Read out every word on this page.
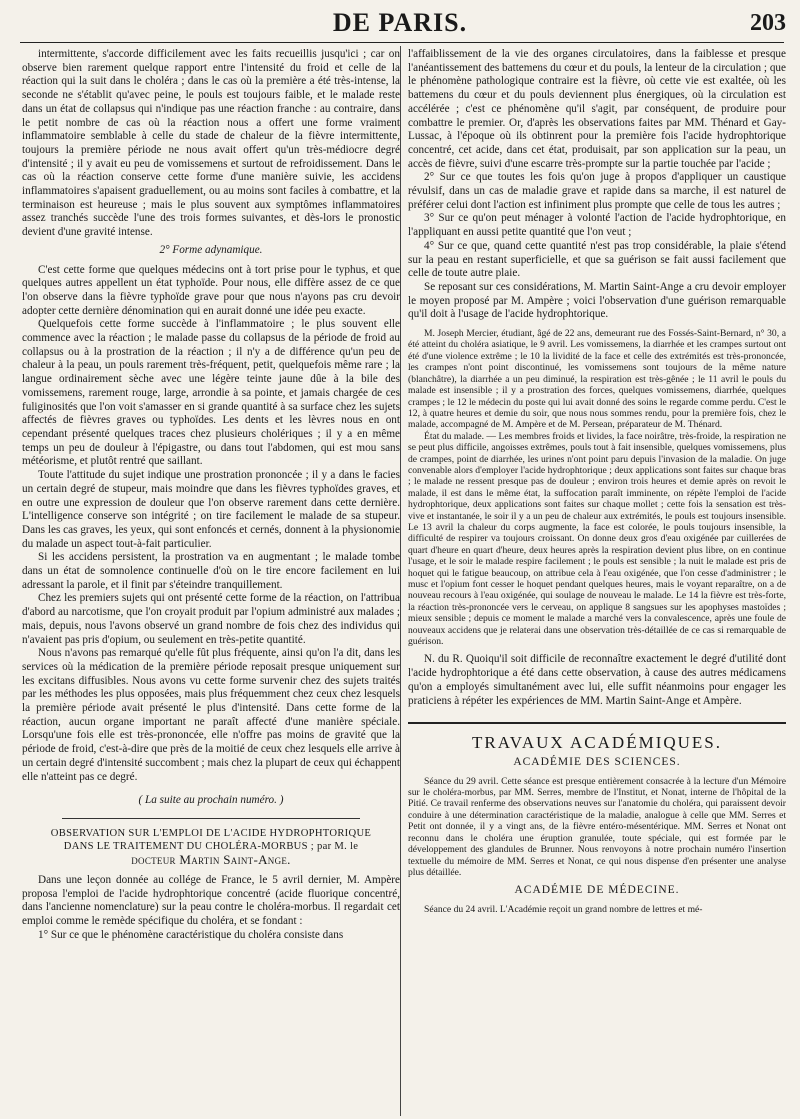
DE PARIS.	203

intermittente, s'accorde difficilement avec les faits recueillis jusqu'ici ; car on observe bien rarement quelque rapport entre l'intensité du froid et celle de la réaction qui la suit dans le choléra ; dans le cas où la première a été très-intense, la seconde ne s'établit qu'avec peine, le pouls est toujours faible, et le malade reste dans un état de collapsus qui n'indique pas une réaction franche : au contraire, dans le petit nombre de cas où la réaction nous a offert une forme vraiment inflammatoire semblable à celle du stade de chaleur de la fièvre intermittente, toujours la première période ne nous avait offert qu'un très-médiocre degré d'intensité ; il y avait eu peu de vomissemens et surtout de refroidissement. Dans le cas où la réaction conserve cette forme d'une manière suivie, les accidens inflammatoires s'apaisent graduellement, ou au moins sont faciles à combattre, et la terminaison est heureuse ; mais le plus souvent aux symptômes inflammatoires assez tranchés succède l'une des trois formes suivantes, et dès-lors le pronostic devient d'une gravité intense.

2° Forme adynamique.

C'est cette forme que quelques médecins ont à tort prise pour le typhus, et que quelques autres appellent un état typhoïde. Pour nous, elle diffère assez de ce que l'on observe dans la fièvre typhoïde grave pour que nous n'ayons pas cru devoir adopter cette dernière dénomination qui en aurait donné une idée peu exacte.

Quelquefois cette forme succède à l'inflammatoire ; le plus souvent elle commence avec la réaction ; le malade passe du collapsus de la période de froid au collapsus ou à la prostration de la réaction ; il n'y a de différence qu'un peu de chaleur à la peau, un pouls rarement très-fréquent, petit, quelquefois même rare ; la langue ordinairement sèche avec une légère teinte jaune dûe à la bile des vomissemens, rarement rouge, large, arrondie à sa pointe, et jamais chargée de ces fuliginosités que l'on voit s'amasser en si grande quantité à sa surface chez les sujets affectés de fièvres graves ou typhoïdes. Les dents et les lèvres nous en ont cependant présenté quelques traces chez plusieurs cholériques ; il y a en même temps un peu de douleur à l'épigastre, ou dans tout l'abdomen, qui est mou sans météorisme, et plutôt rentré que saillant.

Toute l'attitude du sujet indique une prostration prononcée ; il y a dans le facies un certain degré de stupeur, mais moindre que dans les fièvres typhoïdes graves, et en outre une expression de douleur que l'on observe rarement dans cette dernière. L'intelligence conserve son intégrité ; on tire facilement le malade de sa stupeur. Dans les cas graves, les yeux, qui sont enfoncés et cernés, donnent à la physionomie du malade un aspect tout-à-fait particulier.

Si les accidens persistent, la prostration va en augmentant ; le malade tombe dans un état de somnolence continuelle d'où on le tire encore facilement en lui adressant la parole, et il finit par s'éteindre tranquillement.

Chez les premiers sujets qui ont présenté cette forme de la réaction, on l'attribua d'abord au narcotisme, que l'on croyait produit par l'opium administré aux malades ; mais, depuis, nous l'avons observé un grand nombre de fois chez des individus qui n'avaient pas pris d'opium, ou seulement en très-petite quantité.

Nous n'avons pas remarqué qu'elle fût plus fréquente, ainsi qu'on l'a dit, dans les services où la médication de la première période reposait presque uniquement sur les excitans diffusibles. Nous avons vu cette forme survenir chez des sujets traités par les méthodes les plus opposées, mais plus fréquemment chez ceux chez lesquels la première période avait présenté le plus d'intensité. Dans cette forme de la réaction, aucun organe important ne paraît affecté d'une manière spéciale. Lorsqu'une fois elle est très-prononcée, elle n'offre pas moins de gravité que la période de froid, c'est-à-dire que près de la moitié de ceux chez lesquels elle arrive à un certain degré d'intensité succombent ; mais chez la plupart de ceux qui échappent elle n'atteint pas ce degré.

( La suite au prochain numéro. )

OBSERVATION SUR L'EMPLOI DE L'ACIDE HYDROPHTORIQUE
DANS LE TRAITEMENT DU CHOLÉRA-MORBUS ; par M. le
docteur Martin Saint-Ange.

Dans une leçon donnée au collége de France, le 5 avril dernier, M. Ampère proposa l'emploi de l'acide hydrophtorique concentré (acide fluorique concentré, dans l'ancienne nomenclature) sur la peau contre le choléra-morbus. Il regardait cet emploi comme le remède spécifique du choléra, et se fondant :

1° Sur ce que le phénomène caractéristique du choléra consiste dans

l'affaiblissement de la vie des organes circulatoires, dans la faiblesse et presque l'anéantissement des battemens du cœur et du pouls, la lenteur de la circulation ; que le phénomène pathologique contraire est la fièvre, où cette vie est exaltée, où les battemens du cœur et du pouls deviennent plus énergiques, où la circulation est accélérée ; c'est ce phénomène qu'il s'agit, par conséquent, de produire pour combattre le premier. Or, d'après les observations faites par MM. Thénard et Gay-Lussac, à l'époque où ils obtinrent pour la première fois l'acide hydrophtorique concentré, cet acide, dans cet état, produisait, par son application sur la peau, un accès de fièvre, suivi d'une escarre très-prompte sur la partie touchée par l'acide ;

2° Sur ce que toutes les fois qu'on juge à propos d'appliquer un caustique révulsif, dans un cas de maladie grave et rapide dans sa marche, il est naturel de préférer celui dont l'action est infiniment plus prompte que celle de tous les autres ;

3° Sur ce qu'on peut ménager à volonté l'action de l'acide hydrophtorique, en l'appliquant en aussi petite quantité que l'on veut ;

4° Sur ce que, quand cette quantité n'est pas trop considérable, la plaie s'étend sur la peau en restant superficielle, et que sa guérison se fait aussi facilement que celle de toute autre plaie.

Se reposant sur ces considérations, M. Martin Saint-Ange a cru devoir employer le moyen proposé par M. Ampère ; voici l'observation d'une guérison remarquable qu'il doit à l'usage de l'acide hydrophtorique.

M. Joseph Mercier, étudiant, âgé de 22 ans, demeurant rue des Fossés-Saint-Bernard, n° 30, a été atteint du choléra asiatique, le 9 avril. Les vomissemens, la diarrhée et les crampes surtout ont été d'une violence extrême ; le 10 la lividité de la face et celle des extrémités est très-prononcée, les crampes n'ont point discontinué, les vomissemens sont toujours de la même nature (blanchâtre), la diarrhée a un peu diminué, la respiration est très-gênée ; le 11 avril le pouls du malade est insensible ; il y a prostration des forces, quelques vomissemens, diarrhée, quelques crampes ; le 12 le médecin du poste qui lui avait donné des soins le regarde comme perdu. C'est le 12, à quatre heures et demie du soir, que nous nous sommes rendu, pour la première fois, chez le malade, accompagné de M. Ampère et de M. Persean, préparateur de M. Thénard.

État du malade. — Les membres froids et livides, la face noirâtre, très-froide, la respiration ne se peut plus difficile, angoisses extrêmes, pouls tout à fait insensible, quelques vomissemens, plus de crampes, point de diarrhée, les urines n'ont point paru depuis l'invasion de la maladie. On juge convenable alors d'employer l'acide hydrophtorique ; deux applications sont faites sur chaque bras ; le malade ne ressent presque pas de douleur ; environ trois heures et demie après on revoit le malade, il est dans le même état, la suffocation paraît imminente, on répète l'emploi de l'acide hydrophtorique, deux applications sont faites sur chaque mollet ; cette fois la sensation est très-vive et instantanée, le soir il y a un peu de chaleur aux extrémités, le pouls est toujours insensible. Le 13 avril la chaleur du corps augmente, la face est colorée, le pouls toujours insensible, la difficulté de respirer va toujours croissant. On donne deux gros d'eau oxigénée par cuillerées de quart d'heure en quart d'heure, deux heures après la respiration devient plus libre, on en continue l'usage, et le soir le malade respire facilement ; le pouls est sensible ; la nuit le malade est pris de hoquet qui le fatigue beaucoup, on attribue cela à l'eau oxigénée, que l'on cesse d'administrer ; le musc et l'opium font cesser le hoquet pendant quelques heures, mais le voyant reparaître, on a de nouveau recours à l'eau oxigénée, qui soulage de nouveau le malade. Le 14 la fièvre est très-forte, la réaction très-prononcée vers le cerveau, on applique 8 sangsues sur les apophyses mastoïdes ; mieux sensible ; depuis ce moment le malade a marché vers la convalescence, après une foule de nouveaux accidens que je relaterai dans une observation très-détaillée de ce cas si remarquable de guérison.

N. du R. Quoiqu'il soit difficile de reconnaître exactement le degré d'utilité dont l'acide hydrophtorique a été dans cette observation, à cause des autres médicamens qu'on a employés simultanément avec lui, elle suffit néanmoins pour engager les praticiens à répéter les expériences de MM. Martin Saint-Ange et Ampère.

TRAVAUX ACADÉMIQUES.
ACADÉMIE DES SCIENCES.

Séance du 29 avril. Cette séance est presque entièrement consacrée à la lecture d'un Mémoire sur le choléra-morbus, par MM. Serres, membre de l'Institut, et Nonat, interne de l'hôpital de la Pitié. Ce travail renferme des observations neuves sur l'anatomie du choléra, qui paraissent devoir conduire à une détermination caractéristique de la maladie, analogue à celle que MM. Serres et Petit ont donnée, il y a vingt ans, de la fièvre entéro-mésentérique. MM. Serres et Nonat ont reconnu dans le choléra une éruption granulée, toute spéciale, qui est formée par le développement des glandules de Brunner. Nous renvoyons à notre prochain numéro l'insertion textuelle du mémoire de MM. Serres et Nonat, ce qui nous dispense d'en présenter une analyse plus détaillée.

ACADÉMIE DE MÉDECINE.

Séance du 24 avril. L'Académie reçoit un grand nombre de lettres et mé-
